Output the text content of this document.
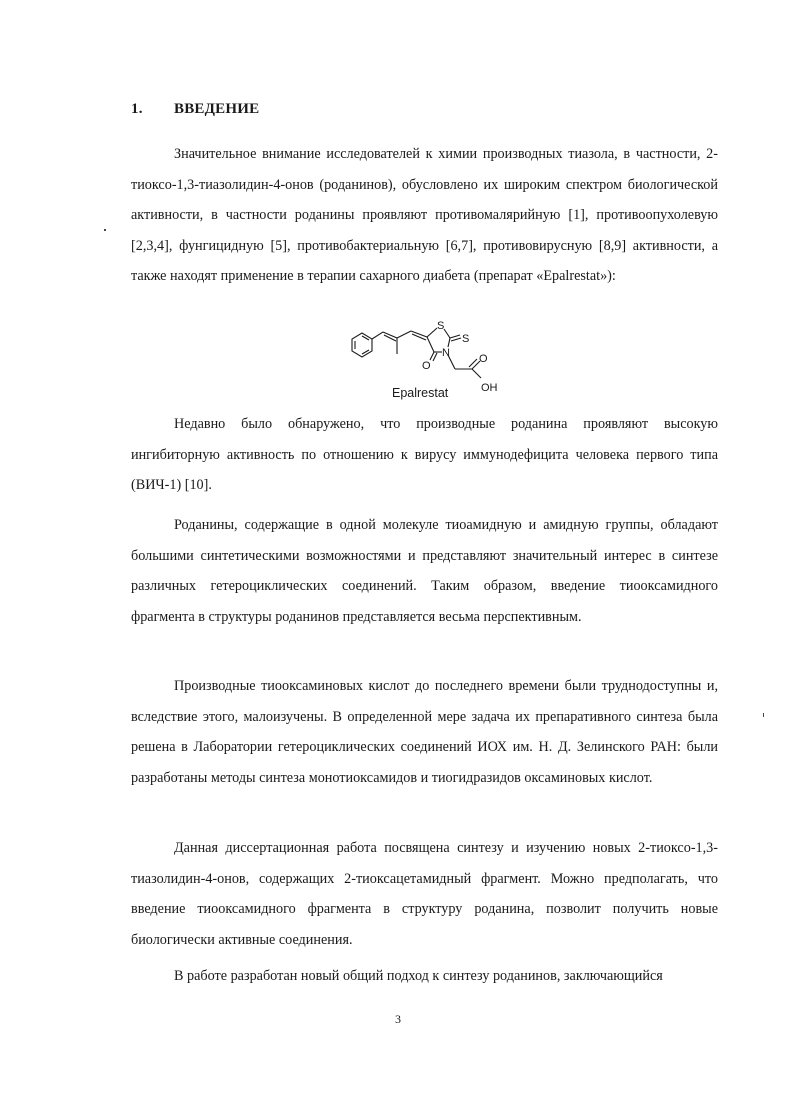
1. ВВЕДЕНИЕ

Значительное внимание исследователей к химии производных тиазола, в частности, 2-тиоксо-1,3-тиазолидин-4-онов (роданинов), обусловлено их широким спектром биологической активности, в частности роданины проявляют противомалярийную [1], противоопухолевую [2,3,4], фунгицидную [5], противобактериальную [6,7], противовирусную [8,9] активности, а также находят применение в терапии сахарного диабета (препарат «Epalrestat»):

S
S
N
O
O
OH
Epalrestat

Недавно было обнаружено, что производные роданина проявляют высокую ингибиторную активность по отношению к вирусу иммунодефицита человека первого типа (ВИЧ-1) [10].

Роданины, содержащие в одной молекуле тиоамидную и амидную группы, обладают большими синтетическими возможностями и представляют значительный интерес в синтезе различных гетероциклических соединений. Таким образом, введение тиооксамидного фрагмента в структуры роданинов представляется весьма перспективным.

Производные тиооксаминовых кислот до последнего времени были труднодоступны и, вследствие этого, малоизучены. В определенной мере задача их препаративного синтеза была решена в Лаборатории гетероциклических соединений ИОХ им. Н. Д. Зелинского РАН: были разработаны методы синтеза монотиоксамидов и тиогидразидов оксаминовых кислот.

Данная диссертационная работа посвящена синтезу и изучению новых 2-тиоксо-1,3-тиазолидин-4-онов, содержащих 2-тиоксацетамидный фрагмент. Можно предполагать, что введение тиооксамидного фрагмента в структуру роданина, позволит получить новые биологически активные соединения.

В работе разработан новый общий подход к синтезу роданинов, заключающийся

3
